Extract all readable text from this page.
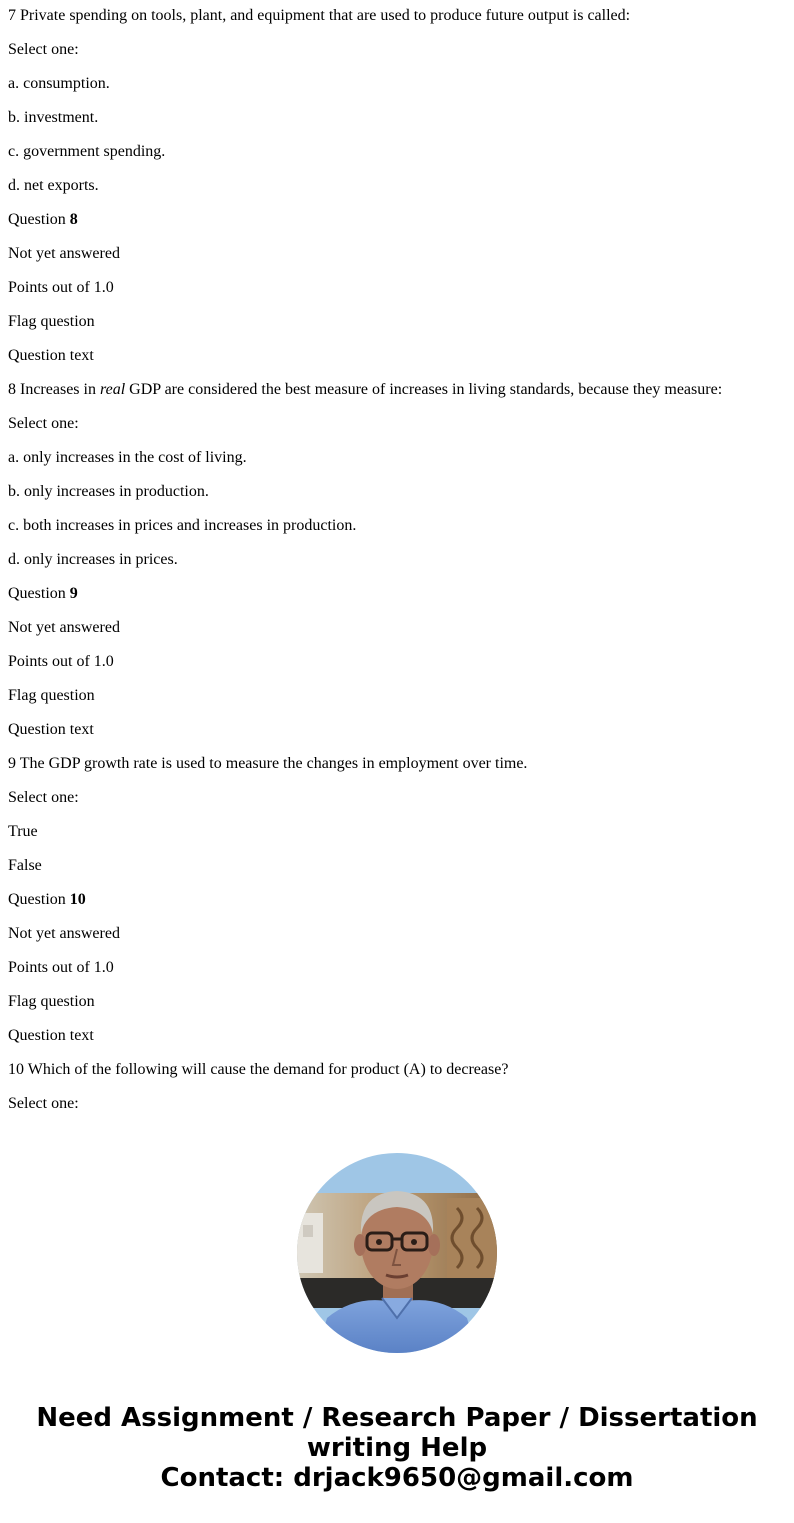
7 Private spending on tools, plant, and equipment that are used to produce future output is called:
Select one:
a. consumption.
b. investment.
c. government spending.
d. net exports.
Question 8
Not yet answered
Points out of 1.0
Flag question
Question text
8 Increases in real GDP are considered the best measure of increases in living standards, because they measure:
Select one:
a. only increases in the cost of living.
b. only increases in production.
c. both increases in prices and increases in production.
d. only increases in prices.
Question 9
Not yet answered
Points out of 1.0
Flag question
Question text
9 The GDP growth rate is used to measure the changes in employment over time.
Select one:
True
False
Question 10
Not yet answered
Points out of 1.0
Flag question
Question text
10 Which of the following will cause the demand for product (A) to decrease?
Select one:
Need Assignment / Research Paper / Dissertation
writing Help
Contact: drjack9650@gmail.com
